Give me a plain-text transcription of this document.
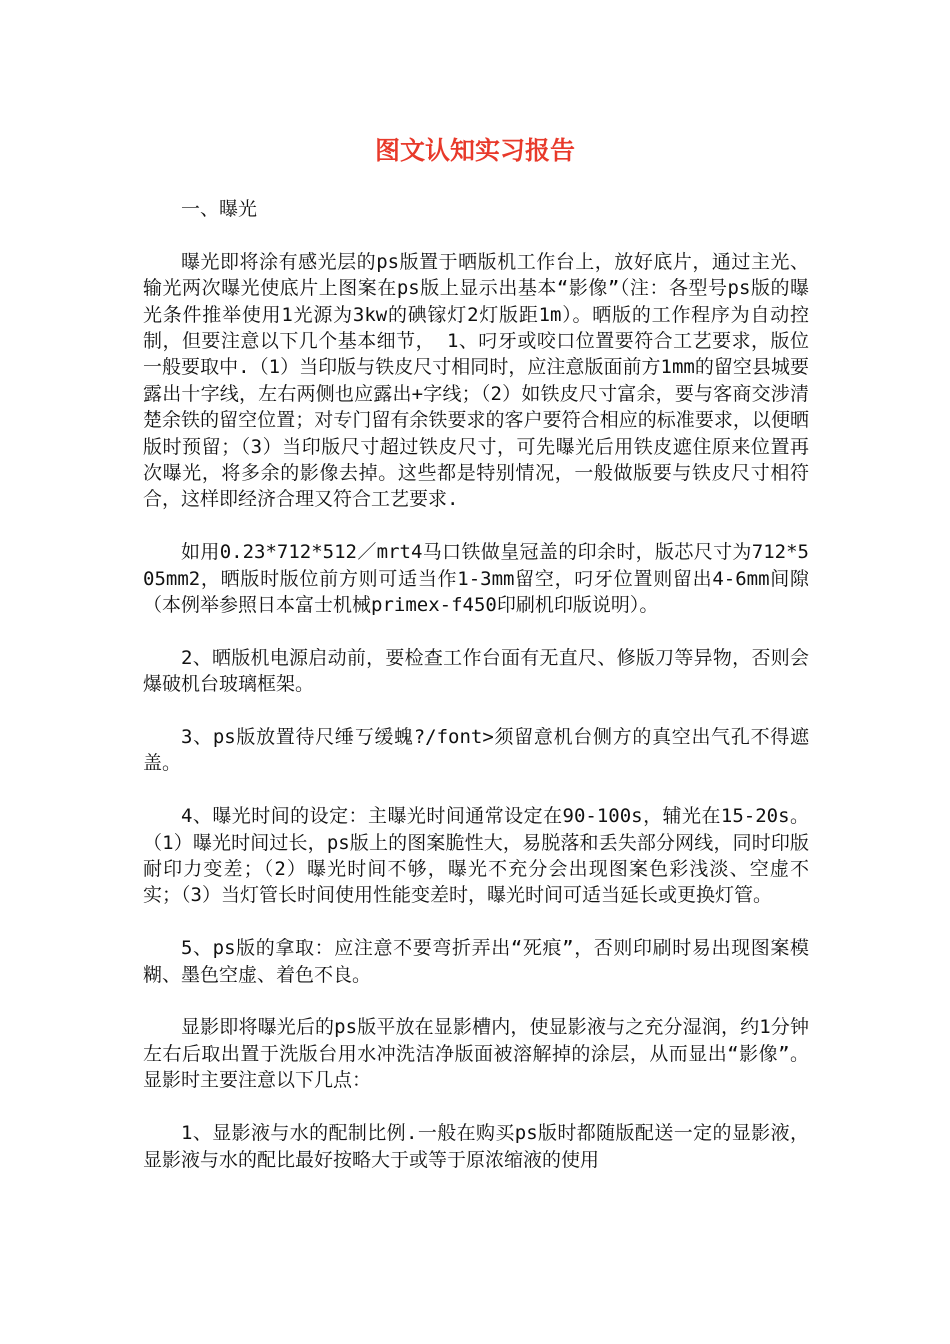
图文认知实习报告

一、曝光

曝光即将涂有感光层的ps版置于晒版机工作台上，放好底片，通过主光、输光两次曝光使底片上图案在ps版上显示出基本“影像”（注：各型号ps版的曝光条件推举使用1光源为3kw的碘镓灯2灯版距1m）。晒版的工作程序为自动控制，但要注意以下几个基本细节， 1、叼牙或咬口位置要符合工艺要求，版位一般要取中.（1）当印版与铁皮尺寸相同时，应注意版面前方1mm的留空县城要露出十字线，左右两侧也应露出+字线；（2）如铁皮尺寸富余，要与客商交涉清楚余铁的留空位置；对专门留有余铁要求的客户要符合相应的标准要求，以便晒版时预留；（3）当印版尺寸超过铁皮尺寸，可先曝光后用铁皮遮住原来位置再次曝光，将多余的影像去掉。这些都是特别情况，一般做版要与铁皮尺寸相符合，这样即经济合理又符合工艺要求.

如用0.23*712*512／mrt4马口铁做皇冠盖的印余时，版芯尺寸为712*505mm2，晒版时版位前方则可适当作1-3mm留空，叼牙位置则留出4-6mm间隙（本例举参照日本富士机械primex-f450印刷机印版说明）。

2、晒版机电源启动前，要检查工作台面有无直尺、修版刀等异物，否则会爆破机台玻璃框架。

3、ps版放置待尺缍丂缓螝?/font>须留意机台侧方的真空出气孔不得遮盖。

4、曝光时间的设定：主曝光时间通常设定在90-100s，辅光在15-20s。（1）曝光时间过长，ps版上的图案脆性大，易脱落和丢失部分网线，同时印版耐印力变差；（2）曝光时间不够，曝光不充分会出现图案色彩浅淡、空虚不实；（3）当灯管长时间使用性能变差时，曝光时间可适当延长或更换灯管。

5、ps版的拿取：应注意不要弯折弄出“死痕”，否则印刷时易出现图案模糊、墨色空虚、着色不良。

显影即将曝光后的ps版平放在显影槽内，使显影液与之充分湿润，约1分钟左右后取出置于洗版台用水冲洗洁净版面被溶解掉的涂层，从而显出“影像”。显影时主要注意以下几点：

1、显影液与水的配制比例.一般在购买ps版时都随版配送一定的显影液，显影液与水的配比最好按略大于或等于原浓缩液的使用
